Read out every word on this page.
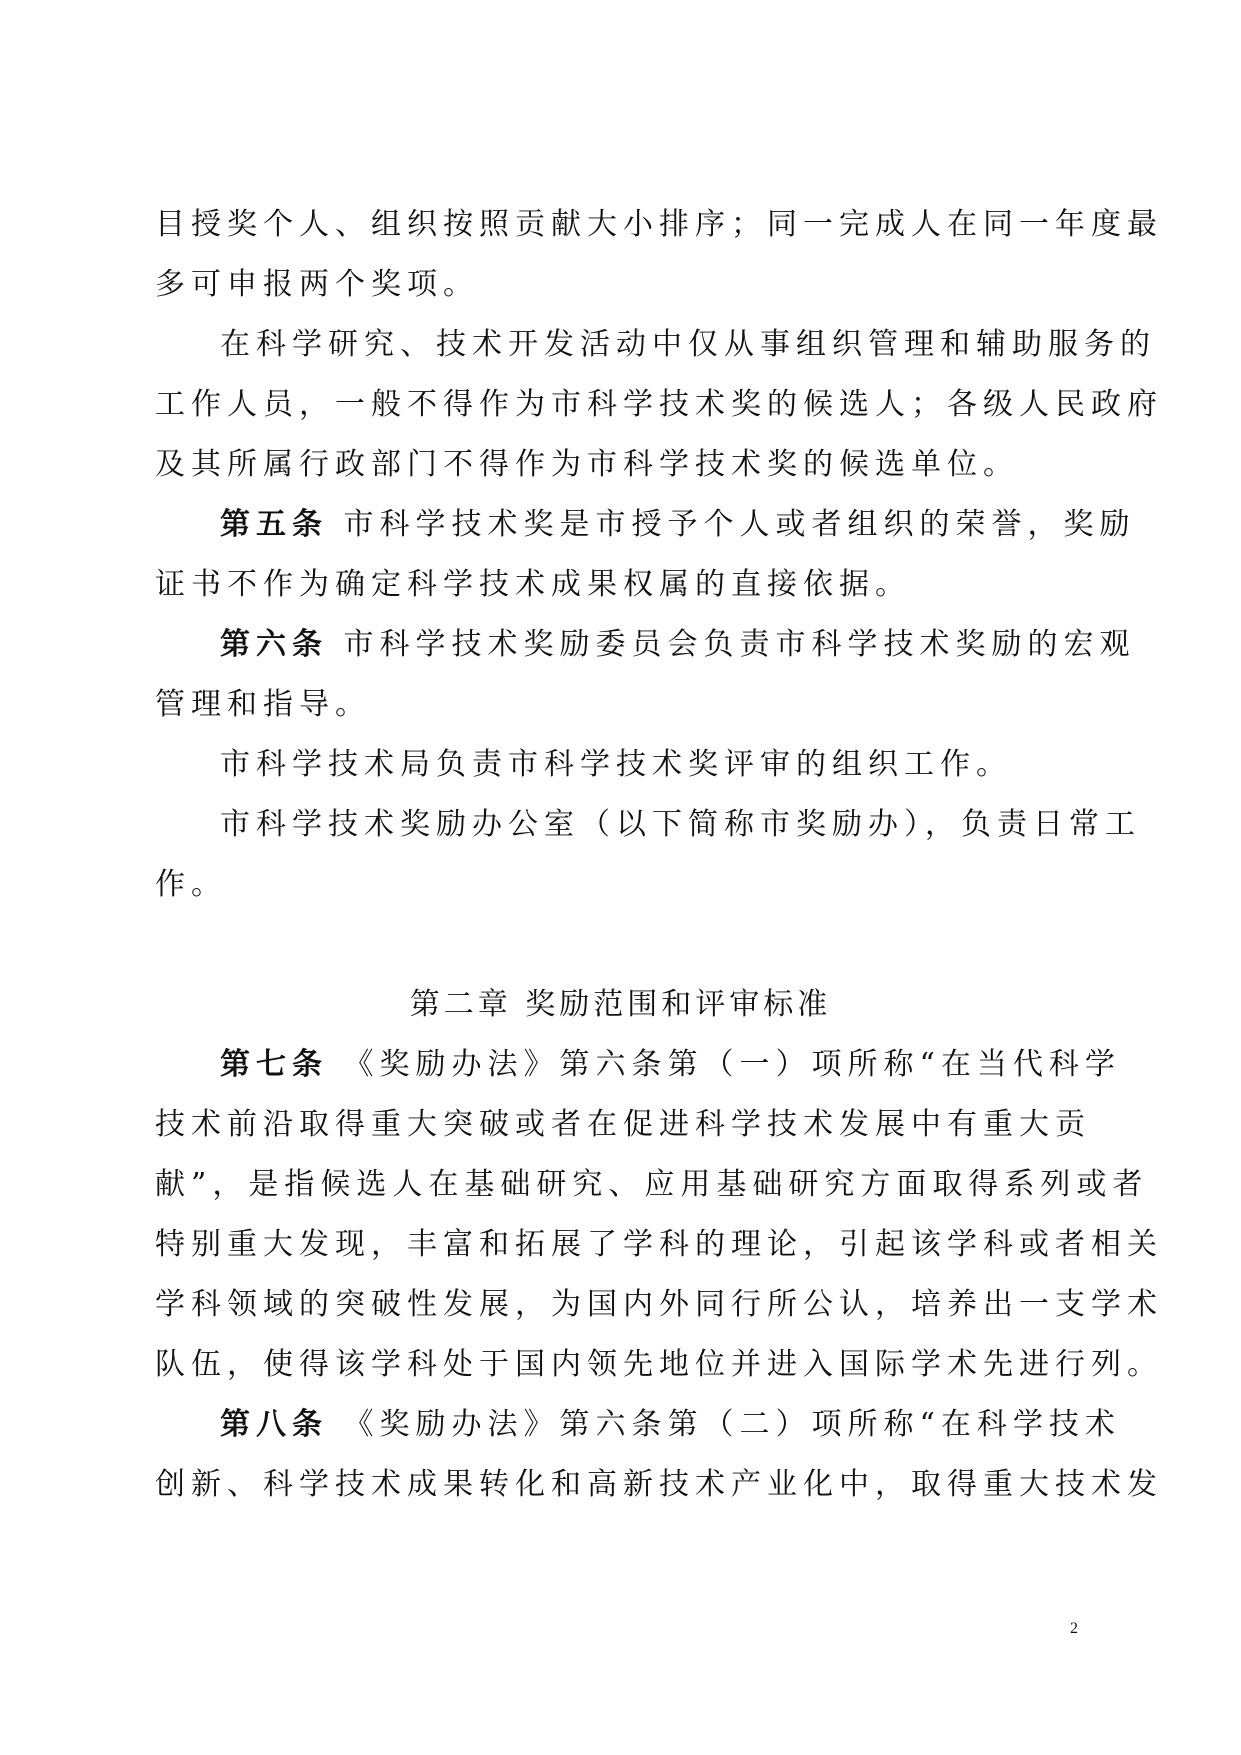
目授奖个人、组织按照贡献大小排序；同一完成人在同一年度最
多可申报两个奖项。
在科学研究、技术开发活动中仅从事组织管理和辅助服务的
工作人员，一般不得作为市科学技术奖的候选人；各级人民政府
及其所属行政部门不得作为市科学技术奖的候选单位。
第五条 市科学技术奖是市授予个人或者组织的荣誉，奖励
证书不作为确定科学技术成果权属的直接依据。
第六条 市科学技术奖励委员会负责市科学技术奖励的宏观
管理和指导。
市科学技术局负责市科学技术奖评审的组织工作。
市科学技术奖励办公室（以下简称市奖励办），负责日常工
作。
第二章 奖励范围和评审标准
第七条 《奖励办法》第六条第（一）项所称“在当代科学
技术前沿取得重大突破或者在促进科学技术发展中有重大贡
献”，是指候选人在基础研究、应用基础研究方面取得系列或者
特别重大发现，丰富和拓展了学科的理论，引起该学科或者相关
学科领域的突破性发展，为国内外同行所公认，培养出一支学术
队伍，使得该学科处于国内领先地位并进入国际学术先进行列。
第八条 《奖励办法》第六条第（二）项所称“在科学技术
创新、科学技术成果转化和高新技术产业化中，取得重大技术发
2
